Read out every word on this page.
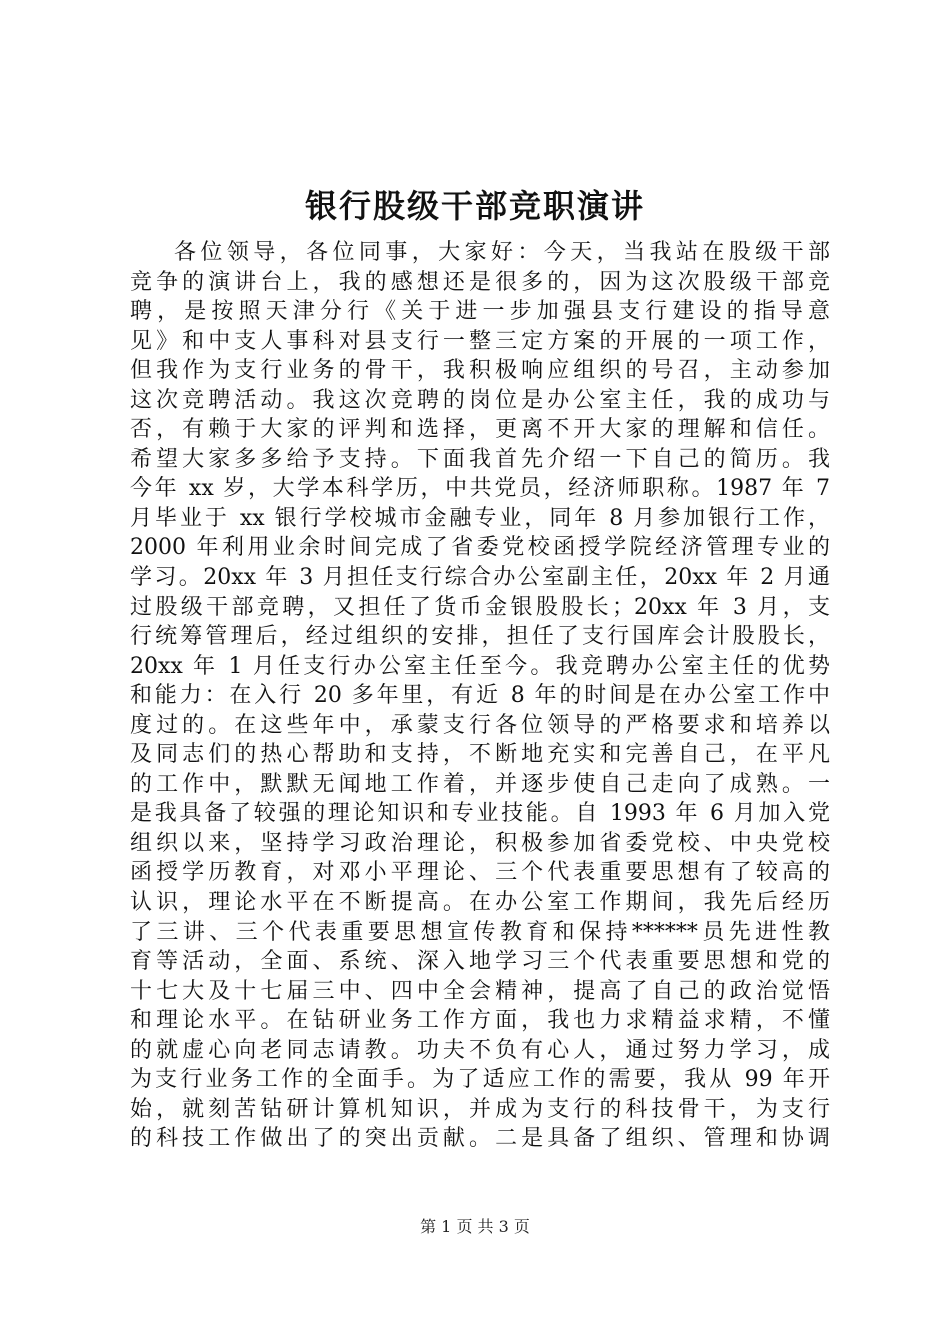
银行股级干部竞职演讲
各位领导，各位同事，大家好：今天，当我站在股级干部
竞争的演讲台上，我的感想还是很多的，因为这次股级干部竞
聘，是按照天津分行《关于进一步加强县支行建设的指导意
见》和中支人事科对县支行一整三定方案的开展的一项工作，
但我作为支行业务的骨干，我积极响应组织的号召，主动参加
这次竞聘活动。我这次竞聘的岗位是办公室主任，我的成功与
否，有赖于大家的评判和选择，更离不开大家的理解和信任。
希望大家多多给予支持。下面我首先介绍一下自己的简历。我
今年 xx 岁，大学本科学历，中共党员，经济师职称。1987 年 7
月毕业于 xx 银行学校城市金融专业，同年 8 月参加银行工作，
2000 年利用业余时间完成了省委党校函授学院经济管理专业的
学习。20xx 年 3 月担任支行综合办公室副主任，20xx 年 2 月通
过股级干部竞聘，又担任了货币金银股股长；20xx 年 3 月，支
行统筹管理后，经过组织的安排，担任了支行国库会计股股长，
20xx 年 1 月任支行办公室主任至今。我竞聘办公室主任的优势
和能力：在入行 20 多年里，有近 8 年的时间是在办公室工作中
度过的。在这些年中，承蒙支行各位领导的严格要求和培养以
及同志们的热心帮助和支持，不断地充实和完善自己，在平凡
的工作中，默默无闻地工作着，并逐步使自己走向了成熟。一
是我具备了较强的理论知识和专业技能。自 1993 年 6 月加入党
组织以来，坚持学习政治理论，积极参加省委党校、中央党校
函授学历教育，对邓小平理论、三个代表重要思想有了较高的
认识，理论水平在不断提高。在办公室工作期间，我先后经历
了三讲、三个代表重要思想宣传教育和保持******员先进性教
育等活动，全面、系统、深入地学习三个代表重要思想和党的
十七大及十七届三中、四中全会精神，提高了自己的政治觉悟
和理论水平。在钻研业务工作方面，我也力求精益求精，不懂
的就虚心向老同志请教。功夫不负有心人，通过努力学习，成
为支行业务工作的全面手。为了适应工作的需要，我从 99 年开
始，就刻苦钻研计算机知识，并成为支行的科技骨干，为支行
的科技工作做出了的突出贡献。二是具备了组织、管理和协调
第 1 页 共 3 页
